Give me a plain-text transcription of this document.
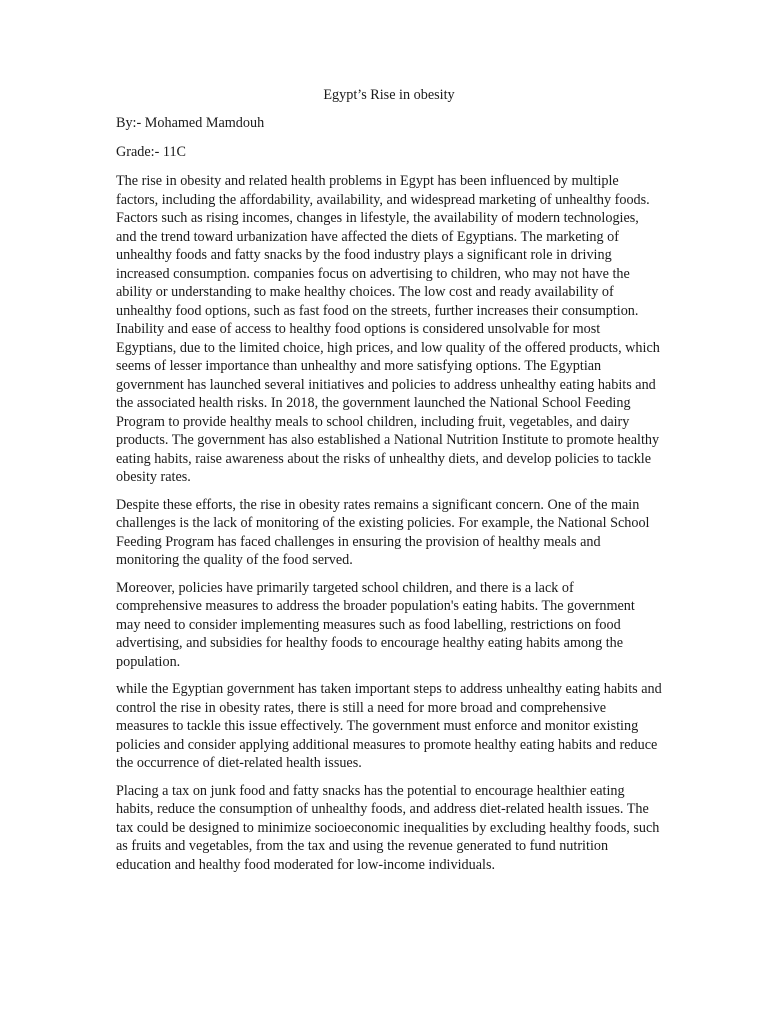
Egypt’s Rise in obesity
By:- Mohamed Mamdouh
Grade:- 11C

The rise in obesity and related health problems in Egypt has been influenced by multiple factors, including the affordability, availability, and widespread marketing of unhealthy foods. Factors such as rising incomes, changes in lifestyle, the availability of modern technologies, and the trend toward urbanization have affected the diets of Egyptians. The marketing of unhealthy foods and fatty snacks by the food industry plays a significant role in driving increased consumption. companies focus on advertising to children, who may not have the ability or understanding to make healthy choices. The low cost and ready availability of unhealthy food options, such as fast food on the streets, further increases their consumption. Inability and ease of access to healthy food options is considered unsolvable for most Egyptians, due to the limited choice, high prices, and low quality of the offered products, which seems of lesser importance than unhealthy and more satisfying options. The Egyptian government has launched several initiatives and policies to address unhealthy eating habits and the associated health risks. In 2018, the government launched the National School Feeding Program to provide healthy meals to school children, including fruit, vegetables, and dairy products. The government has also established a National Nutrition Institute to promote healthy eating habits, raise awareness about the risks of unhealthy diets, and develop policies to tackle obesity rates.

Despite these efforts, the rise in obesity rates remains a significant concern. One of the main challenges is the lack of monitoring of the existing policies. For example, the National School Feeding Program has faced challenges in ensuring the provision of healthy meals and monitoring the quality of the food served.

Moreover, policies have primarily targeted school children, and there is a lack of comprehensive measures to address the broader population's eating habits. The government may need to consider implementing measures such as food labelling, restrictions on food advertising, and subsidies for healthy foods to encourage healthy eating habits among the population.

while the Egyptian government has taken important steps to address unhealthy eating habits and control the rise in obesity rates, there is still a need for more broad and comprehensive measures to tackle this issue effectively. The government must enforce and monitor existing policies and consider applying additional measures to promote healthy eating habits and reduce the occurrence of diet-related health issues.

Placing a tax on junk food and fatty snacks has the potential to encourage healthier eating habits, reduce the consumption of unhealthy foods, and address diet-related health issues. The tax could be designed to minimize socioeconomic inequalities by excluding healthy foods, such as fruits and vegetables, from the tax and using the revenue generated to fund nutrition education and healthy food moderated for low-income individuals.
